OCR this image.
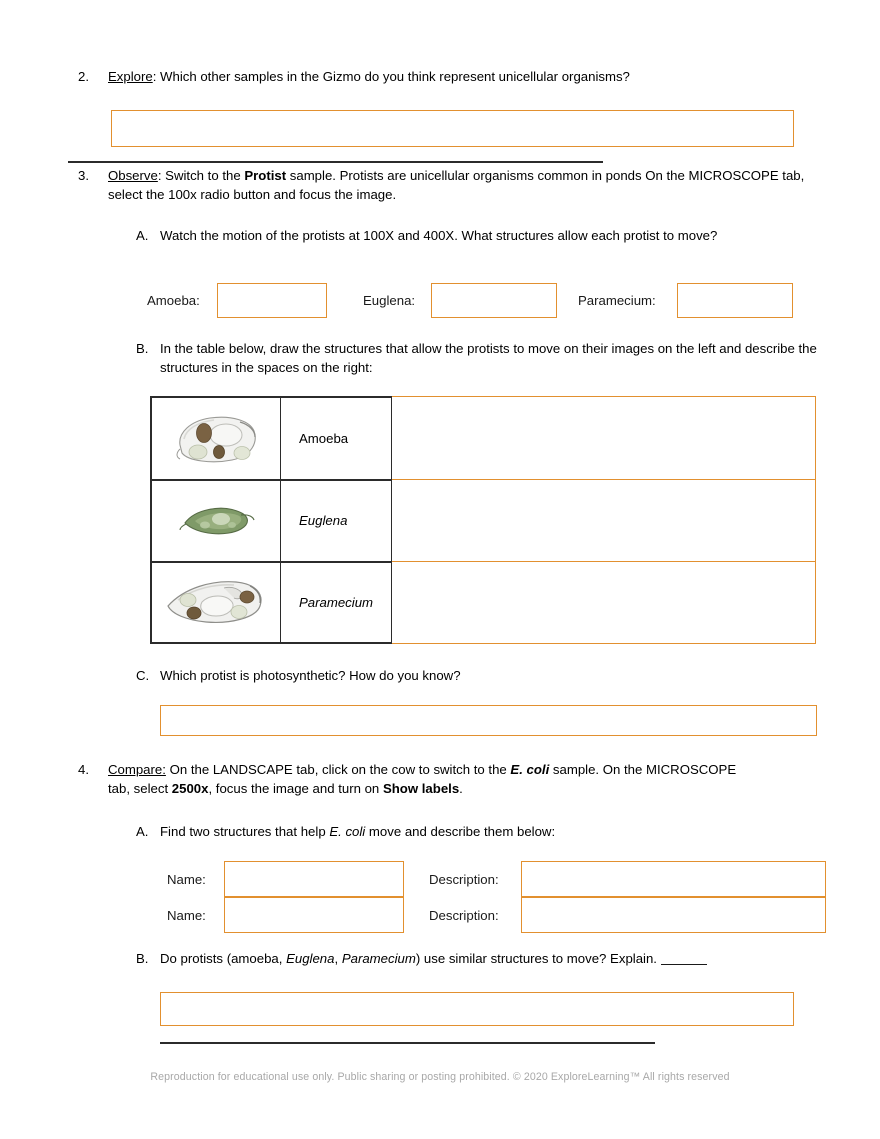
2.	Explore: Which other samples in the Gizmo do you think represent unicellular organisms?
3.	Observe: Switch to the Protist sample. Protists are unicellular organisms common in ponds On the MICROSCOPE tab, select the 100x radio button and focus the image.
A. Watch the motion of the protists at 100X and 400X. What structures allow each protist to move?
Amoeba:	Euglena:	Paramecium:
B. In the table below, draw the structures that allow the protists to move on their images on the left and describe the structures in the spaces on the right:
Amoeba
Euglena
Paramecium
C. Which protist is photosynthetic? How do you know?
4.	Compare: On the LANDSCAPE tab, click on the cow to switch to the E. coli sample. On the MICROSCOPE tab, select 2500x, focus the image and turn on Show labels.
A. Find two structures that help E. coli move and describe them below:
Name:	Description:
Name:	Description:
B. Do protists (amoeba, Euglena, Paramecium) use similar structures to move? Explain.
Reproduction for educational use only. Public sharing or posting prohibited. © 2020 ExploreLearning™ All rights reserved
